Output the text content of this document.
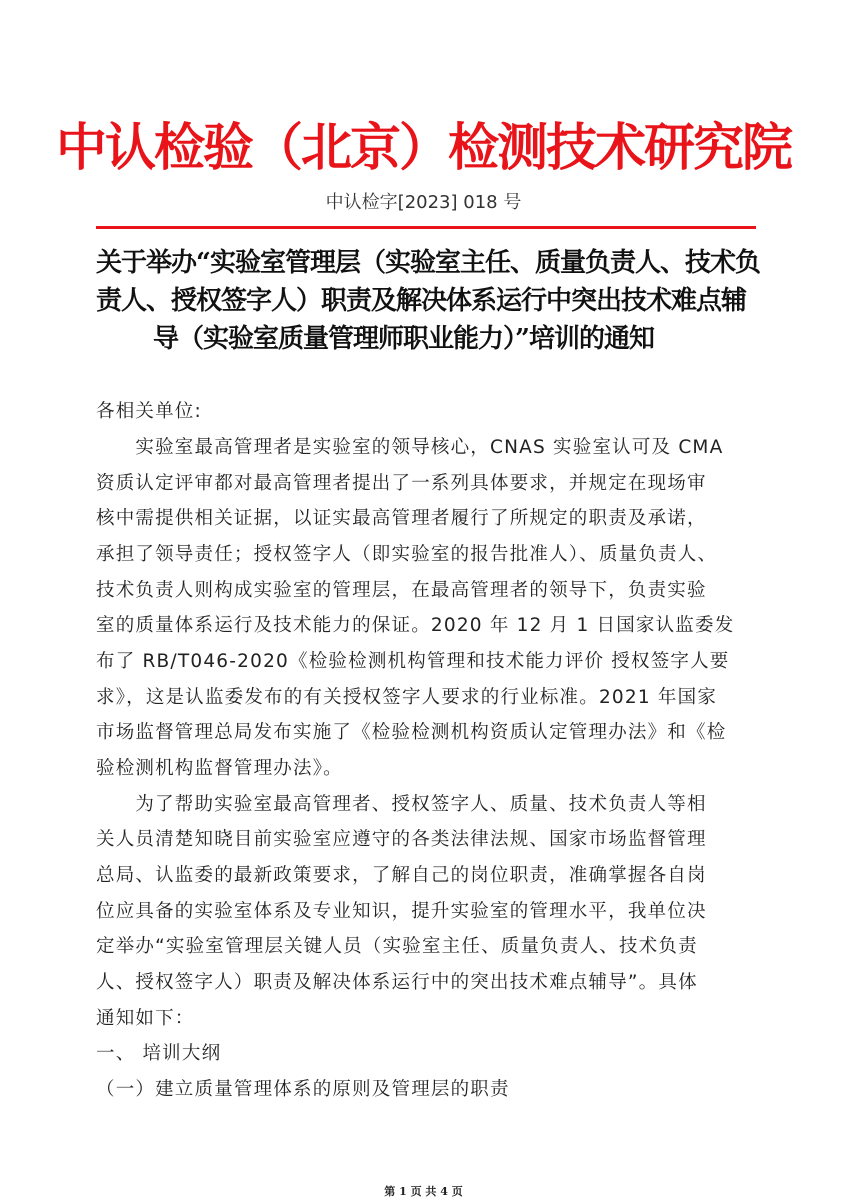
中认检验（北京）检测技术研究院
中认检字[2023] 018 号
关于举办“实验室管理层（实验室主任、质量负责人、技术负
责人、授权签字人）职责及解决体系运行中突出技术难点辅
导（实验室质量管理师职业能力）”培训的通知
各相关单位:
　　实验室最高管理者是实验室的领导核心，CNAS 实验室认可及 CMA
资质认定评审都对最高管理者提出了一系列具体要求，并规定在现场审
核中需提供相关证据，以证实最高管理者履行了所规定的职责及承诺，
承担了领导责任；授权签字人（即实验室的报告批准人）、质量负责人、
技术负责人则构成实验室的管理层，在最高管理者的领导下，负责实验
室的质量体系运行及技术能力的保证。2020 年 12 月 1 日国家认监委发
布了 RB/T046-2020《检验检测机构管理和技术能力评价 授权签字人要
求》，这是认监委发布的有关授权签字人要求的行业标准。2021 年国家
市场监督管理总局发布实施了《检验检测机构资质认定管理办法》和《检
验检测机构监督管理办法》。
　　为了帮助实验室最高管理者、授权签字人、质量、技术负责人等相
关人员清楚知晓目前实验室应遵守的各类法律法规、国家市场监督管理
总局、认监委的最新政策要求，了解自己的岗位职责，准确掌握各自岗
位应具备的实验室体系及专业知识，提升实验室的管理水平，我单位决
定举办“实验室管理层关键人员（实验室主任、质量负责人、技术负责
人、授权签字人）职责及解决体系运行中的突出技术难点辅导”。具体
通知如下：
一、 培训大纲
（一）建立质量管理体系的原则及管理层的职责
第 1 页 共 4 页
